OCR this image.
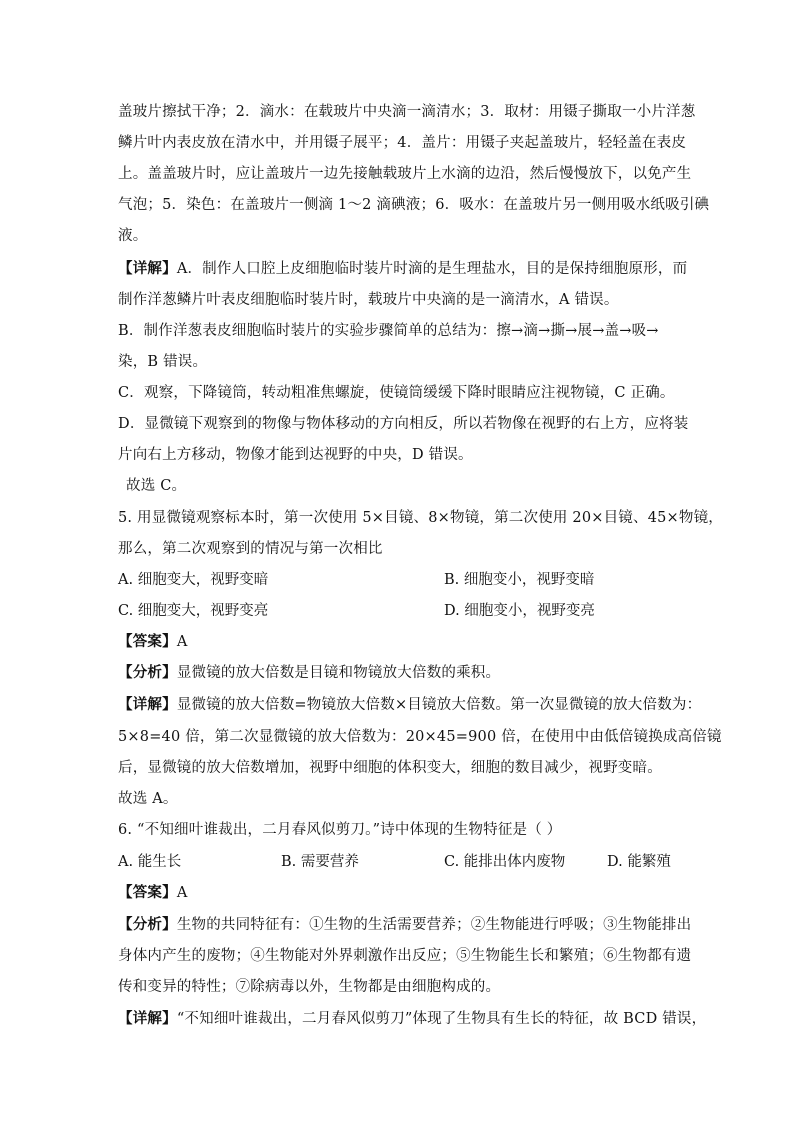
盖玻片擦拭干净；2．滴水：在载玻片中央滴一滴清水；3．取材：用镊子撕取一小片洋葱
鳞片叶内表皮放在清水中，并用镊子展平；4．盖片：用镊子夹起盖玻片，轻轻盖在表皮
上。盖盖玻片时，应让盖玻片一边先接触载玻片上水滴的边沿，然后慢慢放下，以免产生
气泡；5．染色：在盖玻片一侧滴 1～2 滴碘液；6．吸水：在盖玻片另一侧用吸水纸吸引碘
液。
【详解】A．制作人口腔上皮细胞临时装片时滴的是生理盐水，目的是保持细胞原形，而
制作洋葱鳞片叶表皮细胞临时装片时，载玻片中央滴的是一滴清水，A 错误。
B．制作洋葱表皮细胞临时装片的实验步骤简单的总结为：擦→滴→撕→展→盖→吸→
染，B 错误。
C．观察，下降镜筒，转动粗准焦螺旋，使镜筒缓缓下降时眼睛应注视物镜，C 正确。
D．显微镜下观察到的物像与物体移动的方向相反，所以若物像在视野的右上方，应将装
片向右上方移动，物像才能到达视野的中央，D 错误。
故选 C。
5. 用显微镜观察标本时，第一次使用 5×目镜、8×物镜，第二次使用 20×目镜、45×物镜，
那么，第二次观察到的情况与第一次相比
A. 细胞变大，视野变暗	B. 细胞变小，视野变暗
C. 细胞变大，视野变亮	D. 细胞变小，视野变亮
【答案】A
【分析】显微镜的放大倍数是目镜和物镜放大倍数的乘积。
【详解】显微镜的放大倍数=物镜放大倍数×目镜放大倍数。第一次显微镜的放大倍数为：
5×8=40 倍，第二次显微镜的放大倍数为：20×45=900 倍，在使用中由低倍镜换成高倍镜
后，显微镜的放大倍数增加，视野中细胞的体积变大，细胞的数目减少，视野变暗。
故选 A。
6. “不知细叶谁裁出，二月春风似剪刀。”诗中体现的生物特征是（ ）
A. 能生长	B. 需要营养	C. 能排出体内废物	D. 能繁殖
【答案】A
【分析】生物的共同特征有：①生物的生活需要营养；②生物能进行呼吸；③生物能排出
身体内产生的废物；④生物能对外界刺激作出反应；⑤生物能生长和繁殖；⑥生物都有遗
传和变异的特性；⑦除病毒以外，生物都是由细胞构成的。
【详解】“不知细叶谁裁出，二月春风似剪刀”体现了生物具有生长的特征，故 BCD 错误，
